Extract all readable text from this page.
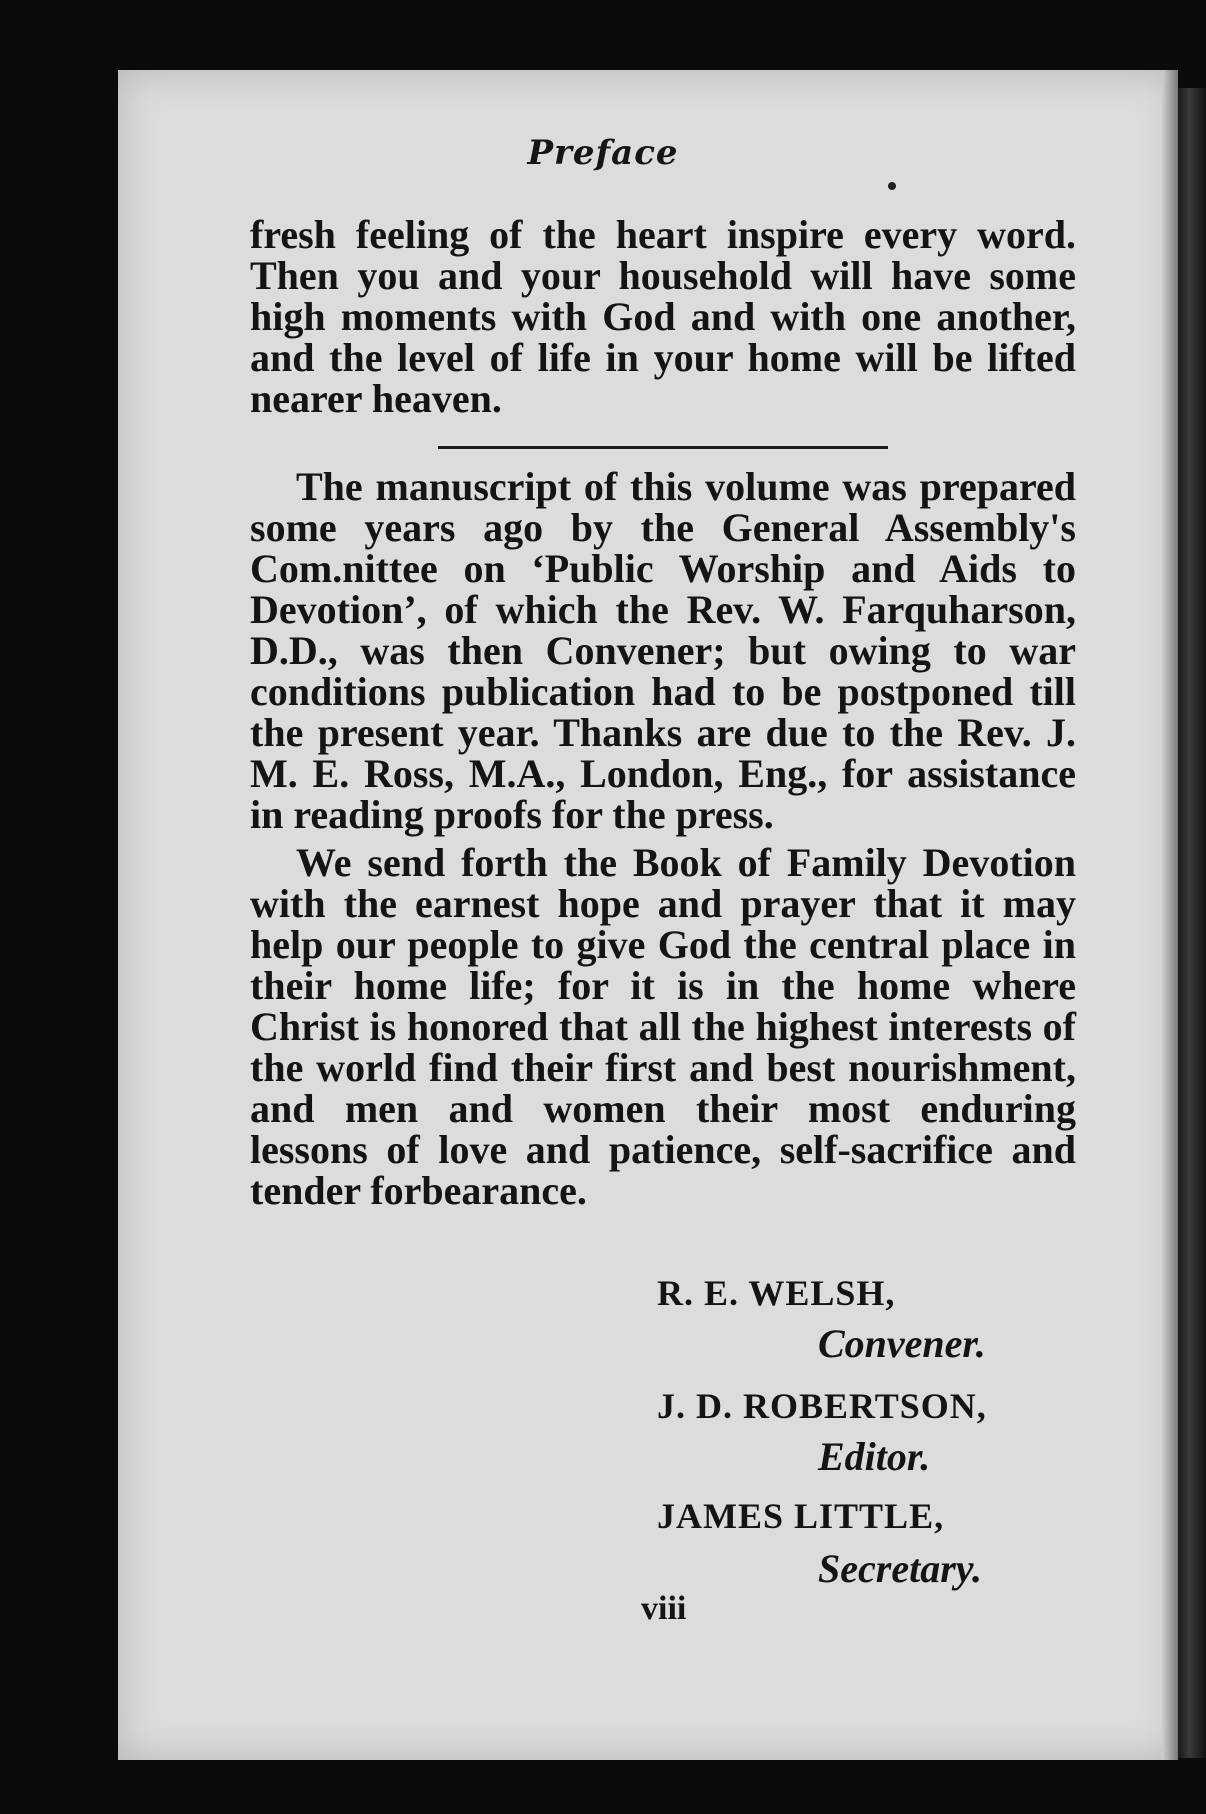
Preface
fresh feeling of the heart inspire every word. Then you and your household will have some high moments with God and with one another, and the level of life in your home will be lifted nearer heaven.
The manuscript of this volume was prepared some years ago by the General Assembly's Com.nittee on ‘Public Worship and Aids to Devotion’, of which the Rev. W. Farquharson, D.D., was then Convener; but owing to war conditions publication had to be postponed till the present year. Thanks are due to the Rev. J. M. E. Ross, M.A., London, Eng., for assistance in reading proofs for the press.
We send forth the Book of Family Devotion with the earnest hope and prayer that it may help our people to give God the central place in their home life; for it is in the home where Christ is honored that all the highest interests of the world find their first and best nourishment, and men and women their most enduring lessons of love and patience, self-sacrifice and tender forbearance.
R. E. WELSH,
Convener.
J. D. ROBERTSON,
Editor.
JAMES LITTLE,
Secretary.
viii
